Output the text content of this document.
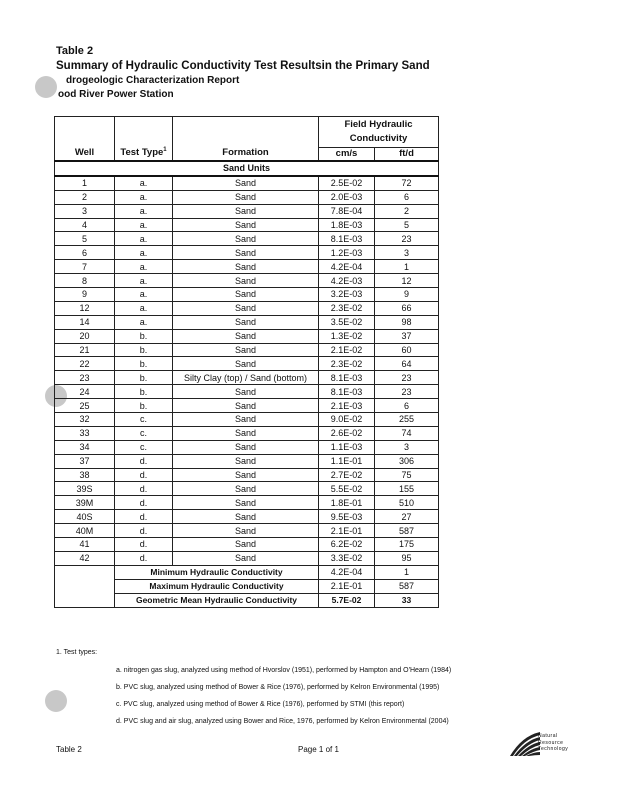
Table 2
Summary of Hydraulic Conductivity Test Resultsin the Primary Sand
drogeologic Characterization Report
ood River Power Station
Well	Test Type$^1$	Formation	Field Hydraulic Conductivity	
			cm/s	ft/d
Sand Units				
1	a.	Sand	2.5E-02	72
2	a.	Sand	2.0E-03	6
3	a.	Sand	7.8E-04	2
4	a.	Sand	1.8E-03	5
5	a.	Sand	8.1E-03	23
6	a.	Sand	1.2E-03	3
7	a.	Sand	4.2E-04	1
8	a.	Sand	4.2E-03	12
9	a.	Sand	3.2E-03	9
12	a.	Sand	2.3E-02	66
14	a.	Sand	3.5E-02	98
20	b.	Sand	1.3E-02	37
21	b.	Sand	2.1E-02	60
22	b.	Sand	2.3E-02	64
23	b.	Silty Clay (top) / Sand (bottom)	8.1E-03	23
24	b.	Sand	8.1E-03	23
25	b.	Sand	2.1E-03	6
32	c.	Sand	9.0E-02	255
33	c.	Sand	2.6E-02	74
34	c.	Sand	1.1E-03	3
37	d.	Sand	1.1E-01	306
38	d.	Sand	2.7E-02	75
39S	d.	Sand	5.5E-02	155
39M	d.	Sand	1.8E-01	510
40S	d.	Sand	9.5E-03	27
40M	d.	Sand	2.1E-01	587
41	d.	Sand	6.2E-02	175
42	d.	Sand	3.3E-02	95
	Minimum Hydraulic Conductivity		4.2E-04	1
	Maximum Hydraulic Conductivity		2.1E-01	587
	Geometric Mean Hydraulic Conductivity		5.7E-02	33
1. Test types:
a. nitrogen gas slug, analyzed using method of Hvorslov (1951), performed by Hampton and O'Hearn (1984)
b. PVC slug, analyzed using method of Bower & Rice (1976), performed by Kelron Environmental (1995)
c. PVC slug, analyzed using method of Bower & Rice (1976), performed by STMI (this report)
d. PVC slug and air slug, analyzed using Bower and Rice, 1976, performed by Kelron Environmental (2004)
Table 2	Page 1 of 1
Natural
Resource
Technology
